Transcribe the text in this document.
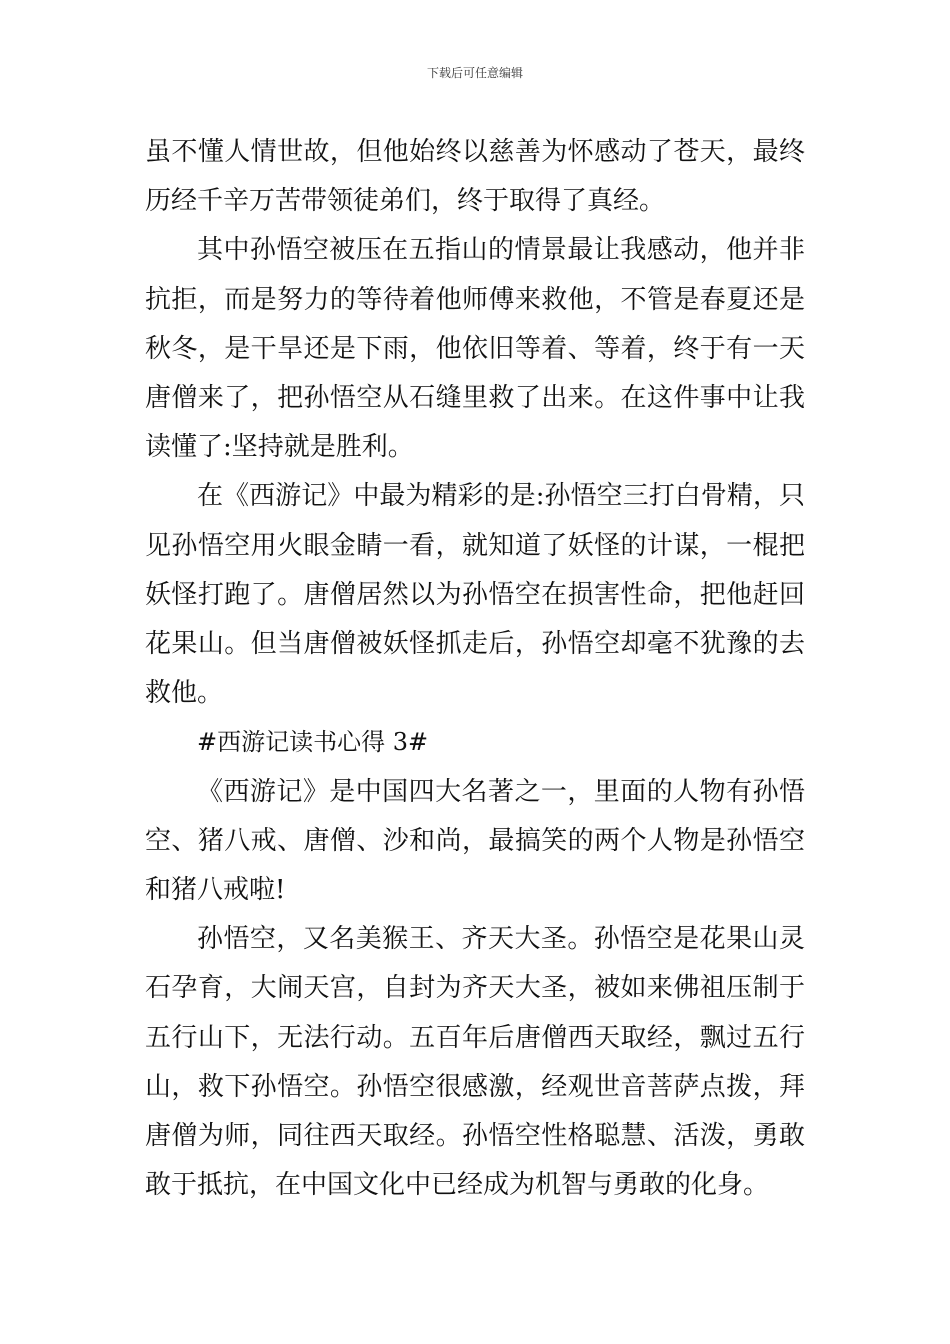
下载后可任意编辑

虽不懂人情世故，但他始终以慈善为怀感动了苍天，最终历经千辛万苦带领徒弟们，终于取得了真经。

其中孙悟空被压在五指山的情景最让我感动，他并非抗拒，而是努力的等待着他师傅来救他，不管是春夏还是秋冬，是干旱还是下雨，他依旧等着、等着，终于有一天唐僧来了，把孙悟空从石缝里救了出来。在这件事中让我读懂了:坚持就是胜利。

在《西游记》中最为精彩的是:孙悟空三打白骨精，只见孙悟空用火眼金睛一看，就知道了妖怪的计谋，一棍把妖怪打跑了。唐僧居然以为孙悟空在损害性命，把他赶回花果山。但当唐僧被妖怪抓走后，孙悟空却毫不犹豫的去救他。

#西游记读书心得 3#

《西游记》是中国四大名著之一，里面的人物有孙悟空、猪八戒、唐僧、沙和尚，最搞笑的两个人物是孙悟空和猪八戒啦!

孙悟空，又名美猴王、齐天大圣。孙悟空是花果山灵石孕育，大闹天宫，自封为齐天大圣，被如来佛祖压制于五行山下，无法行动。五百年后唐僧西天取经，飘过五行山，救下孙悟空。孙悟空很感激，经观世音菩萨点拨，拜唐僧为师，同往西天取经。孙悟空性格聪慧、活泼，勇敢敢于抵抗，在中国文化中已经成为机智与勇敢的化身。
